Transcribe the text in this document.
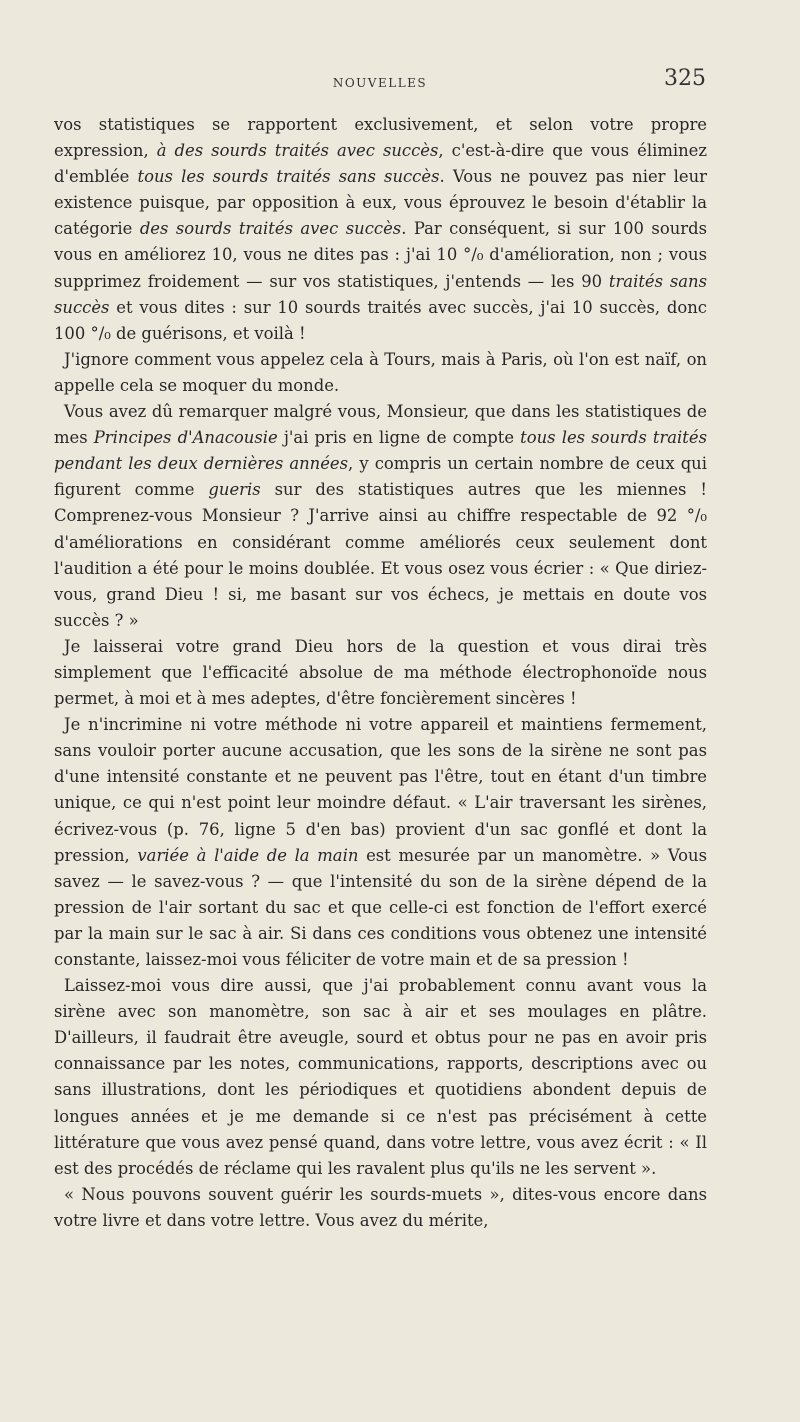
NOUVELLES	325

vos statistiques se rapportent exclusivement, et selon votre propre expression, à des sourds traités avec succès, c'est-à-dire que vous éliminez d'emblée tous les sourds traités sans succès. Vous ne pouvez pas nier leur existence puisque, par opposition à eux, vous éprouvez le besoin d'établir la catégorie des sourds traités avec succès. Par conséquent, si sur 100 sourds vous en améliorez 10, vous ne dites pas : j'ai 10 °/₀ d'amélioration, non ; vous supprimez froidement — sur vos statistiques, j'entends — les 90 traités sans succès et vous dites : sur 10 sourds traités avec succès, j'ai 10 succès, donc 100 °/₀ de guérisons, et voilà !

J'ignore comment vous appelez cela à Tours, mais à Paris, où l'on est naïf, on appelle cela se moquer du monde.

Vous avez dû remarquer malgré vous, Monsieur, que dans les statistiques de mes Principes d'Anacousie j'ai pris en ligne de compte tous les sourds traités pendant les deux dernières années, y compris un certain nombre de ceux qui figurent comme gueris sur des statistiques autres que les miennes ! Comprenez-vous Monsieur ? J'arrive ainsi au chiffre respectable de 92 °/₀ d'améliorations en considérant comme améliorés ceux seulement dont l'audition a été pour le moins doublée. Et vous osez vous écrier : « Que diriez-vous, grand Dieu ! si, me basant sur vos échecs, je mettais en doute vos succès ? »

Je laisserai votre grand Dieu hors de la question et vous dirai très simplement que l'efficacité absolue de ma méthode électrophonoïde nous permet, à moi et à mes adeptes, d'être foncièrement sincères !

Je n'incrimine ni votre méthode ni votre appareil et maintiens fermement, sans vouloir porter aucune accusation, que les sons de la sirène ne sont pas d'une intensité constante et ne peuvent pas l'être, tout en étant d'un timbre unique, ce qui n'est point leur moindre défaut. « L'air traversant les sirènes, écrivez-vous (p. 76, ligne 5 d'en bas) provient d'un sac gonflé et dont la pression, variée à l'aide de la main est mesurée par un manomètre. » Vous savez — le savez-vous ? — que l'intensité du son de la sirène dépend de la pression de l'air sortant du sac et que celle-ci est fonction de l'effort exercé par la main sur le sac à air. Si dans ces conditions vous obtenez une intensité constante, laissez-moi vous féliciter de votre main et de sa pression !

Laissez-moi vous dire aussi, que j'ai probablement connu avant vous la sirène avec son manomètre, son sac à air et ses moulages en plâtre. D'ailleurs, il faudrait être aveugle, sourd et obtus pour ne pas en avoir pris connaissance par les notes, communications, rapports, descriptions avec ou sans illustrations, dont les périodiques et quotidiens abondent depuis de longues années et je me demande si ce n'est pas précisément à cette littérature que vous avez pensé quand, dans votre lettre, vous avez écrit : « Il est des procédés de réclame qui les ravalent plus qu'ils ne les servent ».

« Nous pouvons souvent guérir les sourds-muets », dites-vous encore dans votre livre et dans votre lettre. Vous avez du mérite,
